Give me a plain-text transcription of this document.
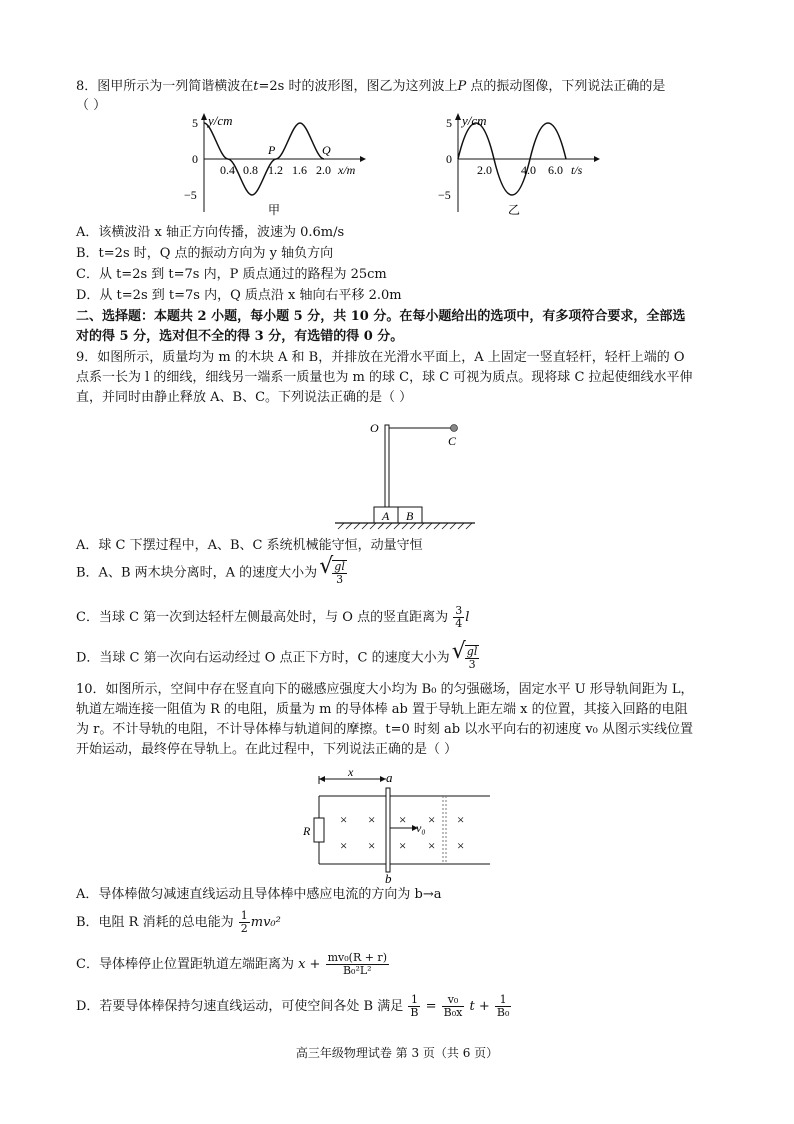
8．图甲所示为一列简谐横波在t=2s 时的波形图，图乙为这列波上P 点的振动图像，下列说法正确的是
（ ）
y/cm
5
0
−5
0.4 0.8 1.2 1.6 2.0 x/m
P	Q
甲
y/cm
5
0
−5
2.0 4.0 6.0 t/s
乙
A．该横波沿 x 轴正方向传播，波速为 0.6m/s
B．t=2s 时，Q 点的振动方向为 y 轴负方向
C．从 t=2s 到 t=7s 内，P 质点通过的路程为 25cm
D．从 t=2s 到 t=7s 内，Q 质点沿 x 轴向右平移 2.0m
二、选择题：本题共 2 小题，每小题 5 分，共 10 分。在每小题给出的选项中，有多项符合要求，全部选
对的得 5 分，选对但不全的得 3 分，有选错的得 0 分。
9．如图所示，质量均为 m 的木块 A 和 B，并排放在光滑水平面上，A 上固定一竖直轻杆，轻杆上端的 O
点系一长为 l 的细线，细线另一端系一质量也为 m 的球 C，球 C 可视为质点。现将球 C 拉起使细线水平伸
直，并同时由静止释放 A、B、C。下列说法正确的是（ ）
A B
O
C
A．球 C 下摆过程中，A、B、C 系统机械能守恒，动量守恒
B．A、B 两木块分离时，A 的速度大小为 √ $\frac{gl}{3}$
C．当球 C 第一次到达轻杆左侧最高处时，与 O 点的竖直距离为 $\frac{3}{4}$ l
D．当球 C 第一次向右运动经过 O 点正下方时，C 的速度大小为 √ $\frac{gl}{3}$
10．如图所示，空间中存在竖直向下的磁感应强度大小均为 B₀ 的匀强磁场，固定水平 U 形导轨间距为 L，
轨道左端连接一阻值为 R 的电阻，质量为 m 的导体棒 ab 置于导轨上距左端 x 的位置，其接入回路的电阻
为 r。不计导轨的电阻，不计导体棒与轨道间的摩擦。t=0 时刻 ab 以水平向右的初速度 v₀ 从图示实线位置
开始运动，最终停在导轨上。在此过程中，下列说法正确的是（ ）
x	a
R
b
× ×
× ×
×
×
×
×
×
×
v₀
A．导体棒做匀减速直线运动且导体棒中感应电流的方向为 b→a
B．电阻 R 消耗的总电能为 $\frac{1}{2} mv_0^2$
C．导体棒停止位置距轨道左端距离为 $x + \frac{\text{mv₀(R + r)}}{\text{B₀²L²}}$
D．若要导体棒保持匀速直线运动，可使空间各处 B 满足 $\frac{1}{B} = \frac{\text{v₀}}{\text{B₀x}}$ $t + \frac{1}{\text{B₀}}$
高三年级物理试卷 第 3 页（共 6 页）
